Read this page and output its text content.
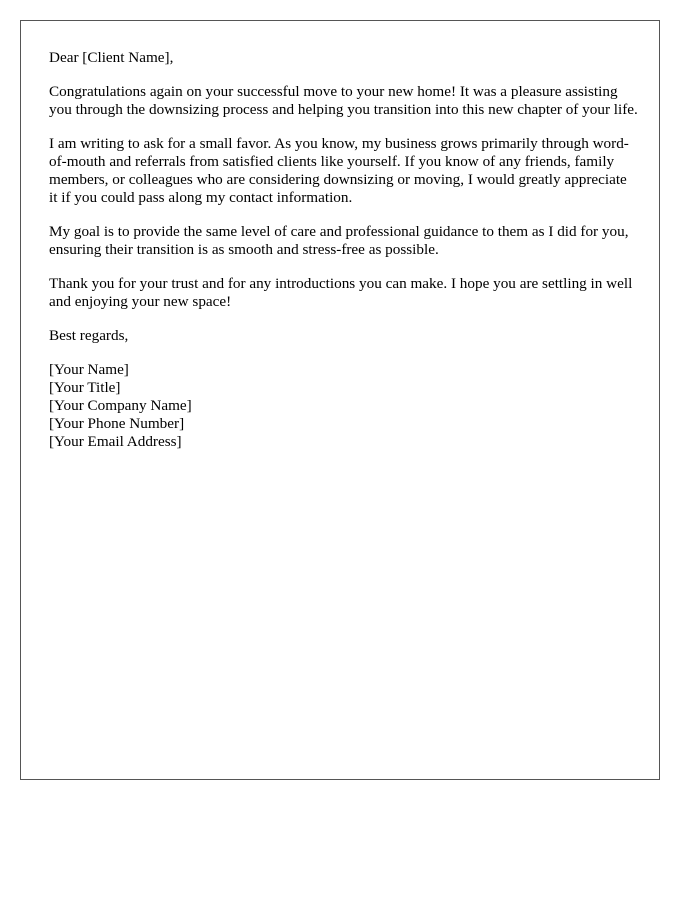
Dear [Client Name],

Congratulations again on your successful move to your new home! It was a pleasure assisting you through the downsizing process and helping you transition into this new chapter of your life.

I am writing to ask for a small favor. As you know, my business grows primarily through word-of-mouth and referrals from satisfied clients like yourself. If you know of any friends, family members, or colleagues who are considering downsizing or moving, I would greatly appreciate it if you could pass along my contact information.

My goal is to provide the same level of care and professional guidance to them as I did for you, ensuring their transition is as smooth and stress-free as possible.

Thank you for your trust and for any introductions you can make. I hope you are settling in well and enjoying your new space!

Best regards,

[Your Name]
[Your Title]
[Your Company Name]
[Your Phone Number]
[Your Email Address]
